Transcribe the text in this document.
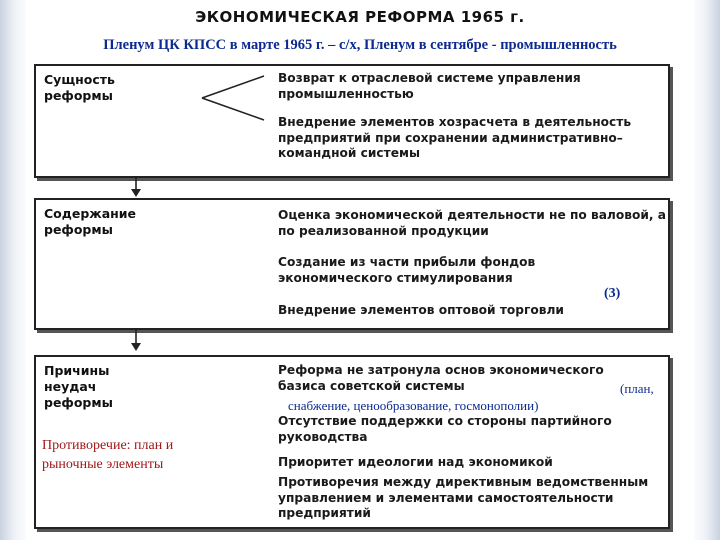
ЭКОНОМИЧЕСКАЯ РЕФОРМА 1965 г.
Пленум ЦК КПСС в марте 1965 г. – с/х, Пленум в сентябре - промышленность
Сущность
реформы
Возврат к отраслевой системе управления промышленностью
Внедрение элементов хозрасчета в деятельность предприятий при сохранении административно–командной системы
Содержание
реформы
Оценка экономической деятельности не по валовой, а по реализованной продукции
Создание из части прибыли фондов экономического стимулирования
Внедрение элементов оптовой торговли
(3)
Причины
неудач
реформы
Реформа не затронула основ экономического базиса советской системы	(план,
снабжение, ценообразование, госмонополии)
Отсутствие поддержки со стороны партийного руководства
Приоритет идеологии над экономикой
Противоречия между директивным ведомственным управлением и элементами самостоятельности предприятий
Противоречие: план и рыночные элементы
